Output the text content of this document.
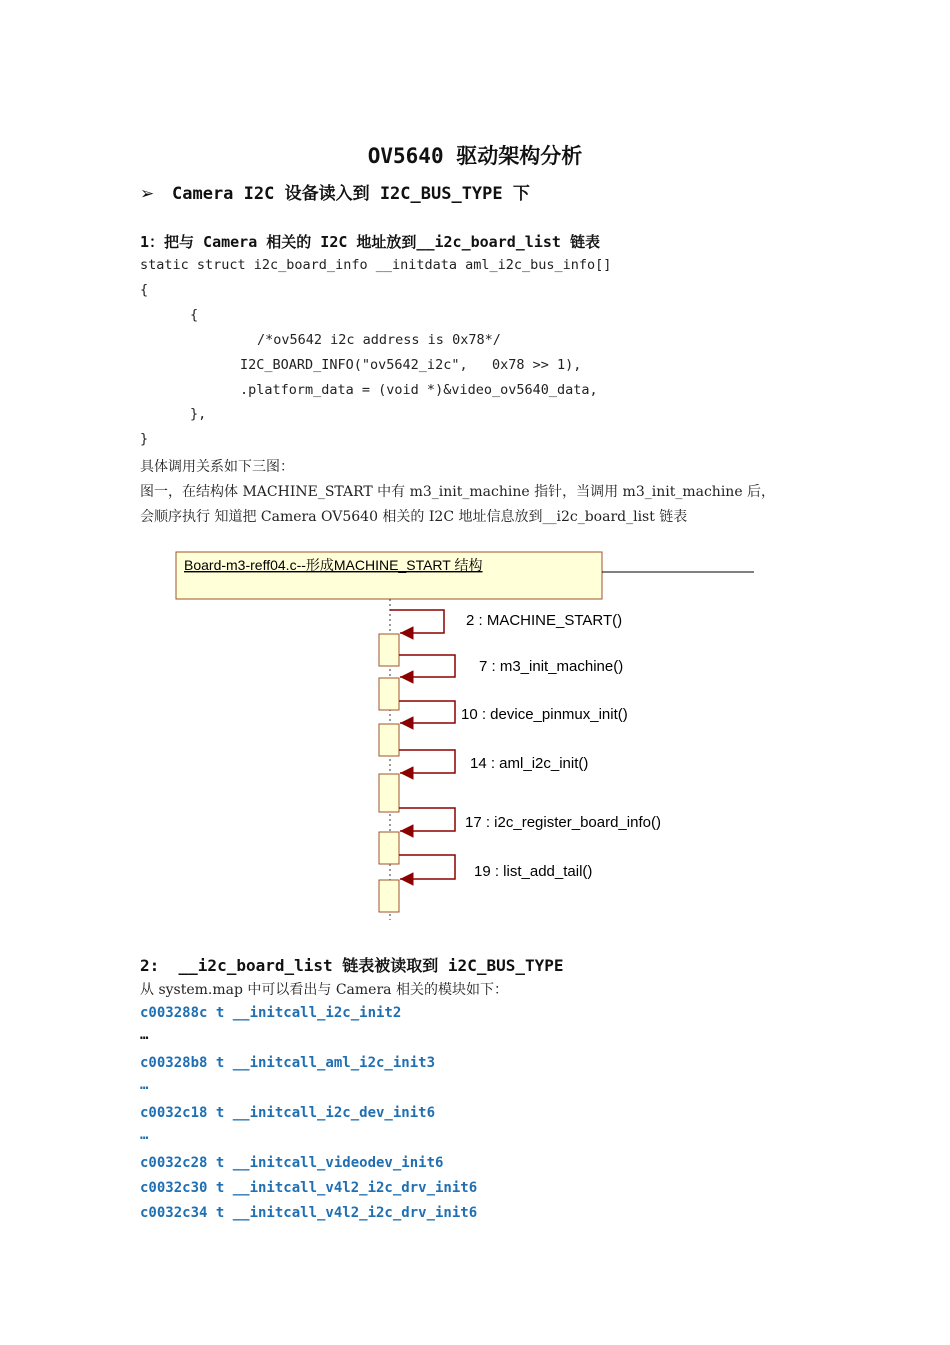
OV5640 驱动架构分析
➢ Camera I2C 设备读入到 I2C_BUS_TYPE 下
1：把与 Camera 相关的 I2C 地址放到__i2c_board_list 链表
static struct i2c_board_info __initdata aml_i2c_bus_info[]
{
{
/*ov5642 i2c address is 0x78*/
I2C_BOARD_INFO("ov5642_i2c",   0x78 >> 1),
.platform_data = (void *)&video_ov5640_data,
},
}
具体调用关系如下三图：
图一，在结构体 MACHINE_START 中有 m3_init_machine 指针，当调用 m3_init_machine 后，
会顺序执行 知道把 Camera OV5640 相关的 I2C 地址信息放到__i2c_board_list 链表
Board-m3-reff04.c--形成MACHINE_START 结构
2 : MACHINE_START()
7 : m3_init_machine()
10 : device_pinmux_init()
14 : aml_i2c_init()
17 : i2c_register_board_info()
19 : list_add_tail()
2:  __i2c_board_list 链表被读取到 i2C_BUS_TYPE
从 system.map 中可以看出与 Camera 相关的模块如下：
c003288c t __initcall_i2c_init2
…
c00328b8 t __initcall_aml_i2c_init3
…
c0032c18 t __initcall_i2c_dev_init6
…
c0032c28 t __initcall_videodev_init6
c0032c30 t __initcall_v4l2_i2c_drv_init6
c0032c34 t __initcall_v4l2_i2c_drv_init6
